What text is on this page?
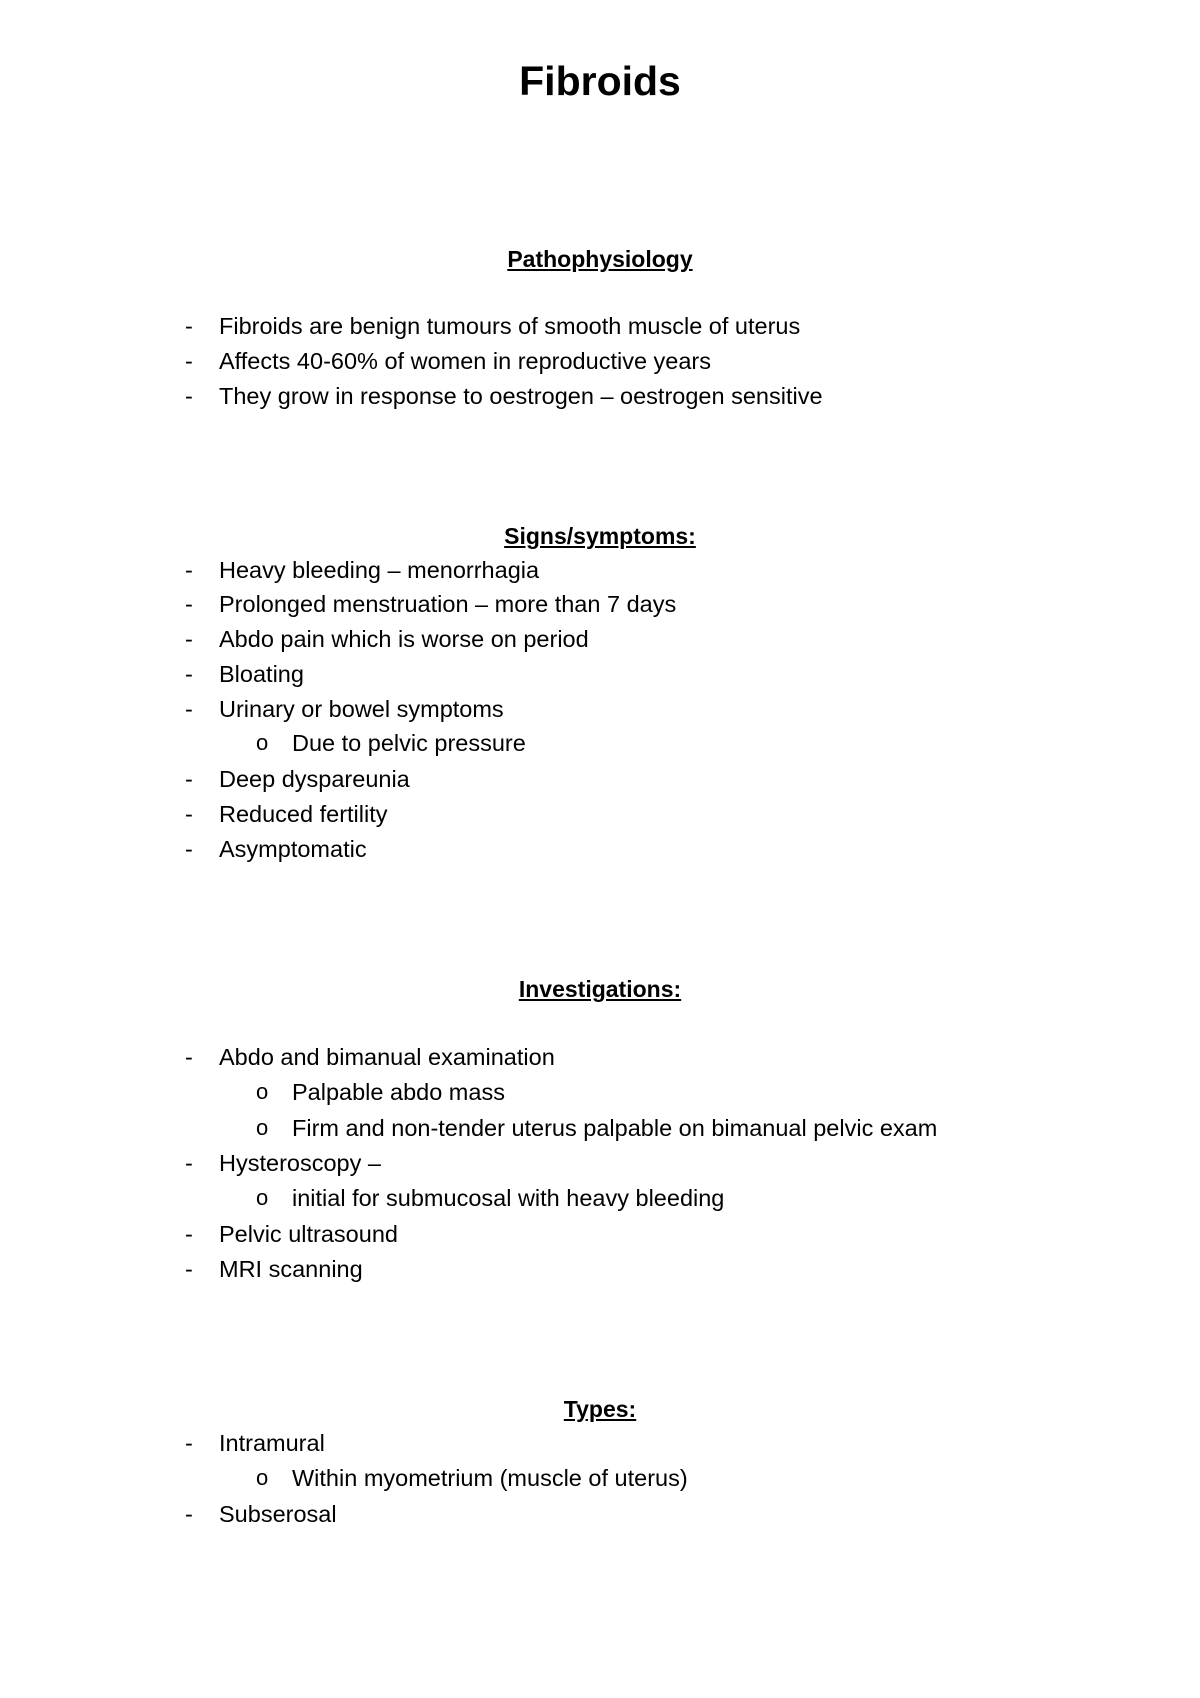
Fibroids
Pathophysiology
- Fibroids are benign tumours of smooth muscle of uterus
- Affects 40-60% of women in reproductive years
- They grow in response to oestrogen – oestrogen sensitive
Signs/symptoms:
- Heavy bleeding – menorrhagia
- Prolonged menstruation – more than 7 days
- Abdo pain which is worse on period
- Bloating
- Urinary or bowel symptoms
o Due to pelvic pressure
- Deep dyspareunia
- Reduced fertility
- Asymptomatic
Investigations:
- Abdo and bimanual examination
o Palpable abdo mass
o Firm and non-tender uterus palpable on bimanual pelvic exam
- Hysteroscopy –
o initial for submucosal with heavy bleeding
- Pelvic ultrasound
- MRI scanning
Types:
- Intramural
o Within myometrium (muscle of uterus)
- Subserosal
